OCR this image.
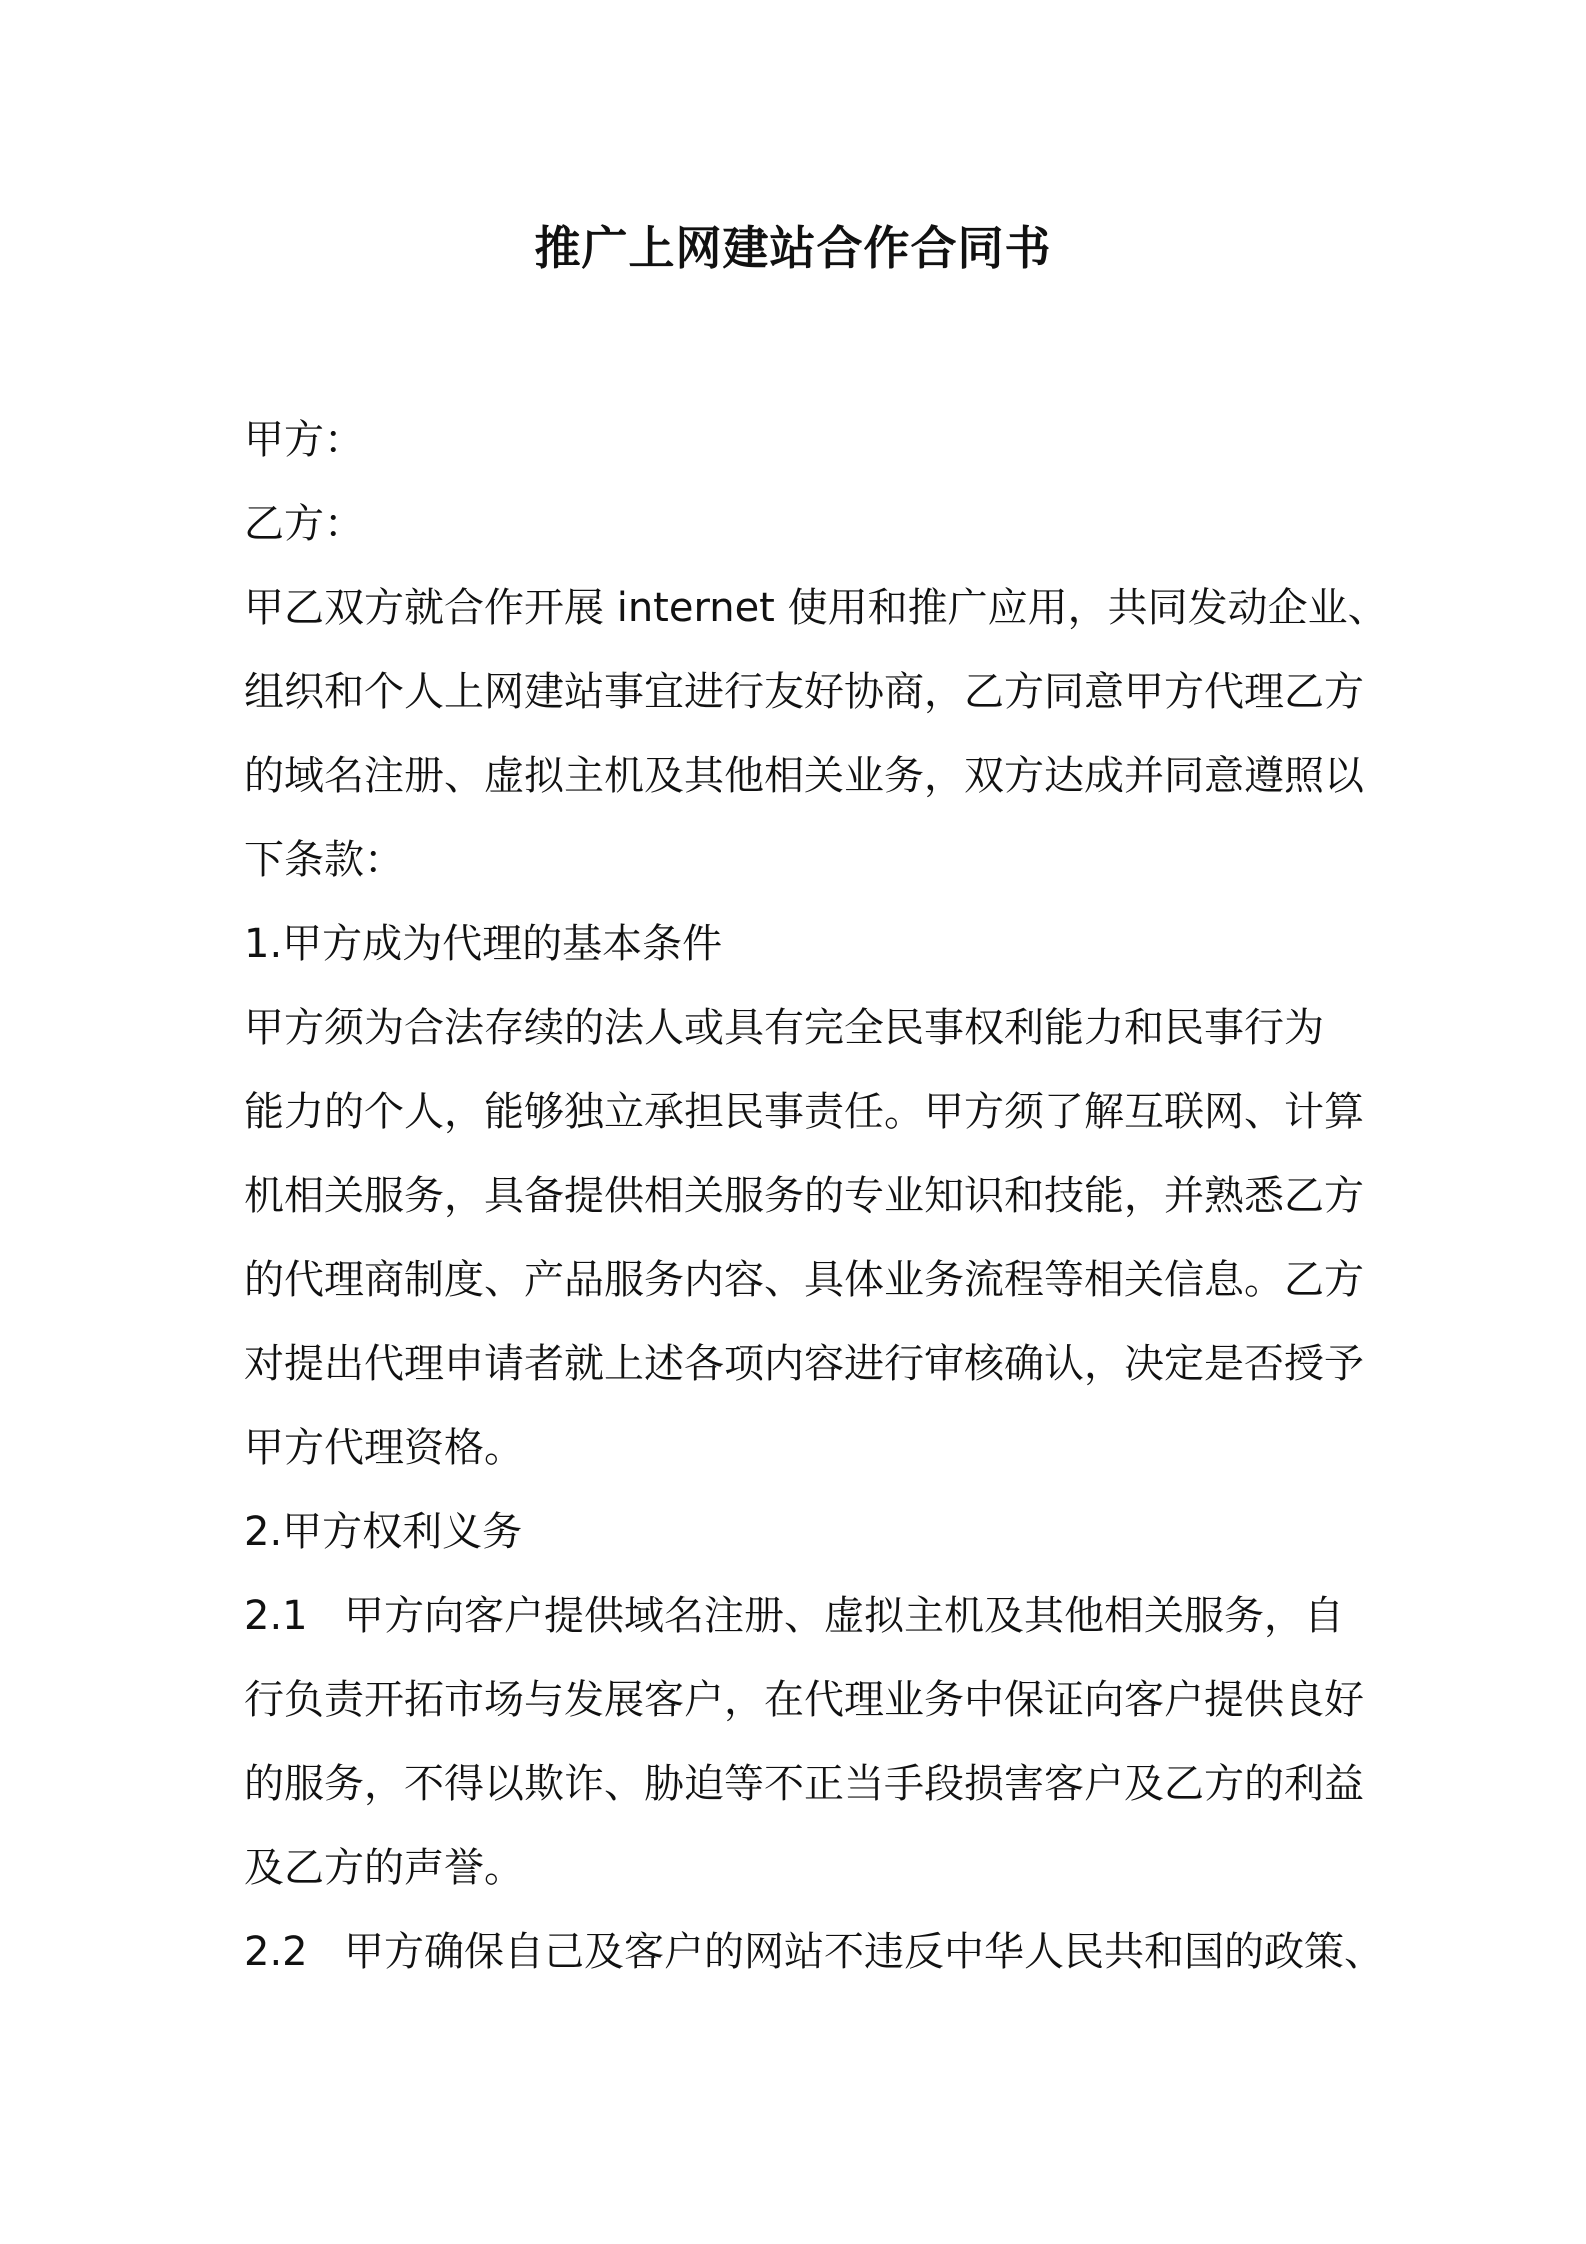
推广上网建站合作合同书
甲方：
乙方：
甲乙双方就合作开展 internet 使用和推广应用，共同发动企业、
组织和个人上网建站事宜进行友好协商，乙方同意甲方代理乙方
的域名注册、虚拟主机及其他相关业务，双方达成并同意遵照以
下条款：
1.甲方成为代理的基本条件
甲方须为合法存续的法人或具有完全民事权利能力和民事行为
能力的个人，能够独立承担民事责任。甲方须了解互联网、计算
机相关服务，具备提供相关服务的专业知识和技能，并熟悉乙方
的代理商制度、产品服务内容、具体业务流程等相关信息。乙方
对提出代理申请者就上述各项内容进行审核确认，决定是否授予
甲方代理资格。
2.甲方权利义务
2.1 甲方向客户提供域名注册、虚拟主机及其他相关服务，自
行负责开拓市场与发展客户，在代理业务中保证向客户提供良好
的服务，不得以欺诈、胁迫等不正当手段损害客户及乙方的利益
及乙方的声誉。
2.2 甲方确保自己及客户的网站不违反中华人民共和国的政策、
